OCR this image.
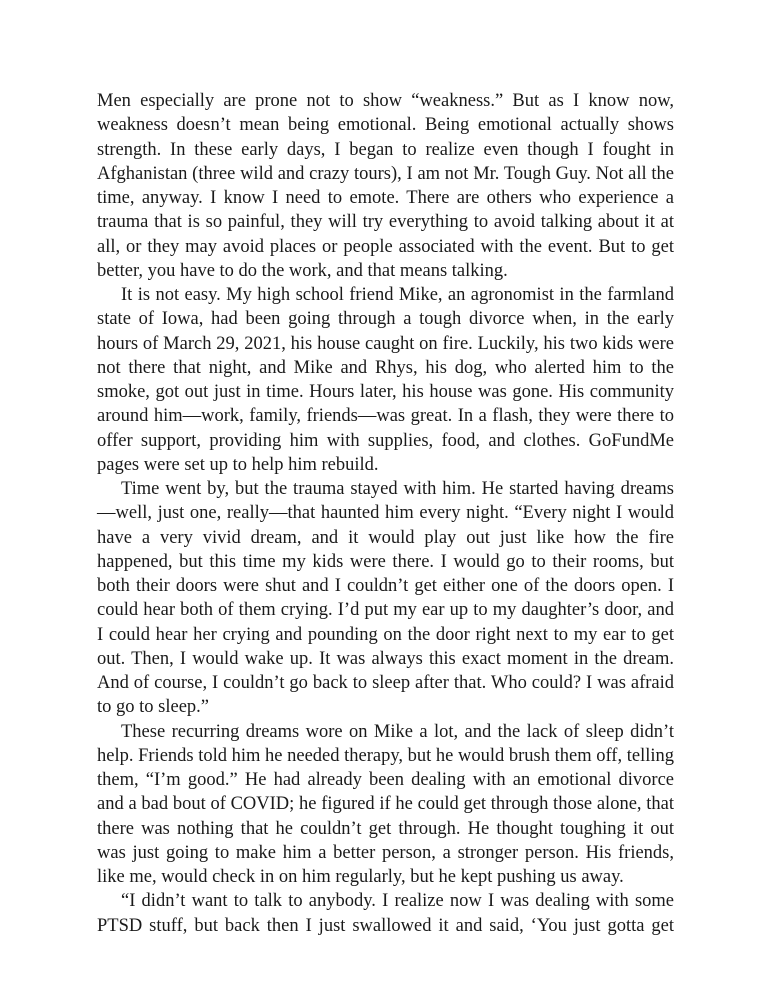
Men especially are prone not to show “weakness.” But as I know now, weakness doesn’t mean being emotional. Being emotional actually shows strength. In these early days, I began to realize even though I fought in Afghanistan (three wild and crazy tours), I am not Mr. Tough Guy. Not all the time, anyway. I know I need to emote. There are others who experience a trauma that is so painful, they will try everything to avoid talking about it at all, or they may avoid places or people associated with the event. But to get better, you have to do the work, and that means talking.

It is not easy. My high school friend Mike, an agronomist in the farmland state of Iowa, had been going through a tough divorce when, in the early hours of March 29, 2021, his house caught on fire. Luckily, his two kids were not there that night, and Mike and Rhys, his dog, who alerted him to the smoke, got out just in time. Hours later, his house was gone. His community around him—work, family, friends—was great. In a flash, they were there to offer support, providing him with supplies, food, and clothes. GoFundMe pages were set up to help him rebuild.

Time went by, but the trauma stayed with him. He started having dreams —well, just one, really—that haunted him every night. “Every night I would have a very vivid dream, and it would play out just like how the fire happened, but this time my kids were there. I would go to their rooms, but both their doors were shut and I couldn’t get either one of the doors open. I could hear both of them crying. I’d put my ear up to my daughter’s door, and I could hear her crying and pounding on the door right next to my ear to get out. Then, I would wake up. It was always this exact moment in the dream. And of course, I couldn’t go back to sleep after that. Who could? I was afraid to go to sleep.”

These recurring dreams wore on Mike a lot, and the lack of sleep didn’t help. Friends told him he needed therapy, but he would brush them off, telling them, “I’m good.” He had already been dealing with an emotional divorce and a bad bout of COVID; he figured if he could get through those alone, that there was nothing that he couldn’t get through. He thought toughing it out was just going to make him a better person, a stronger person. His friends, like me, would check in on him regularly, but he kept pushing us away.

“I didn’t want to talk to anybody. I realize now I was dealing with some PTSD stuff, but back then I just swallowed it and said, ‘You just gotta get
